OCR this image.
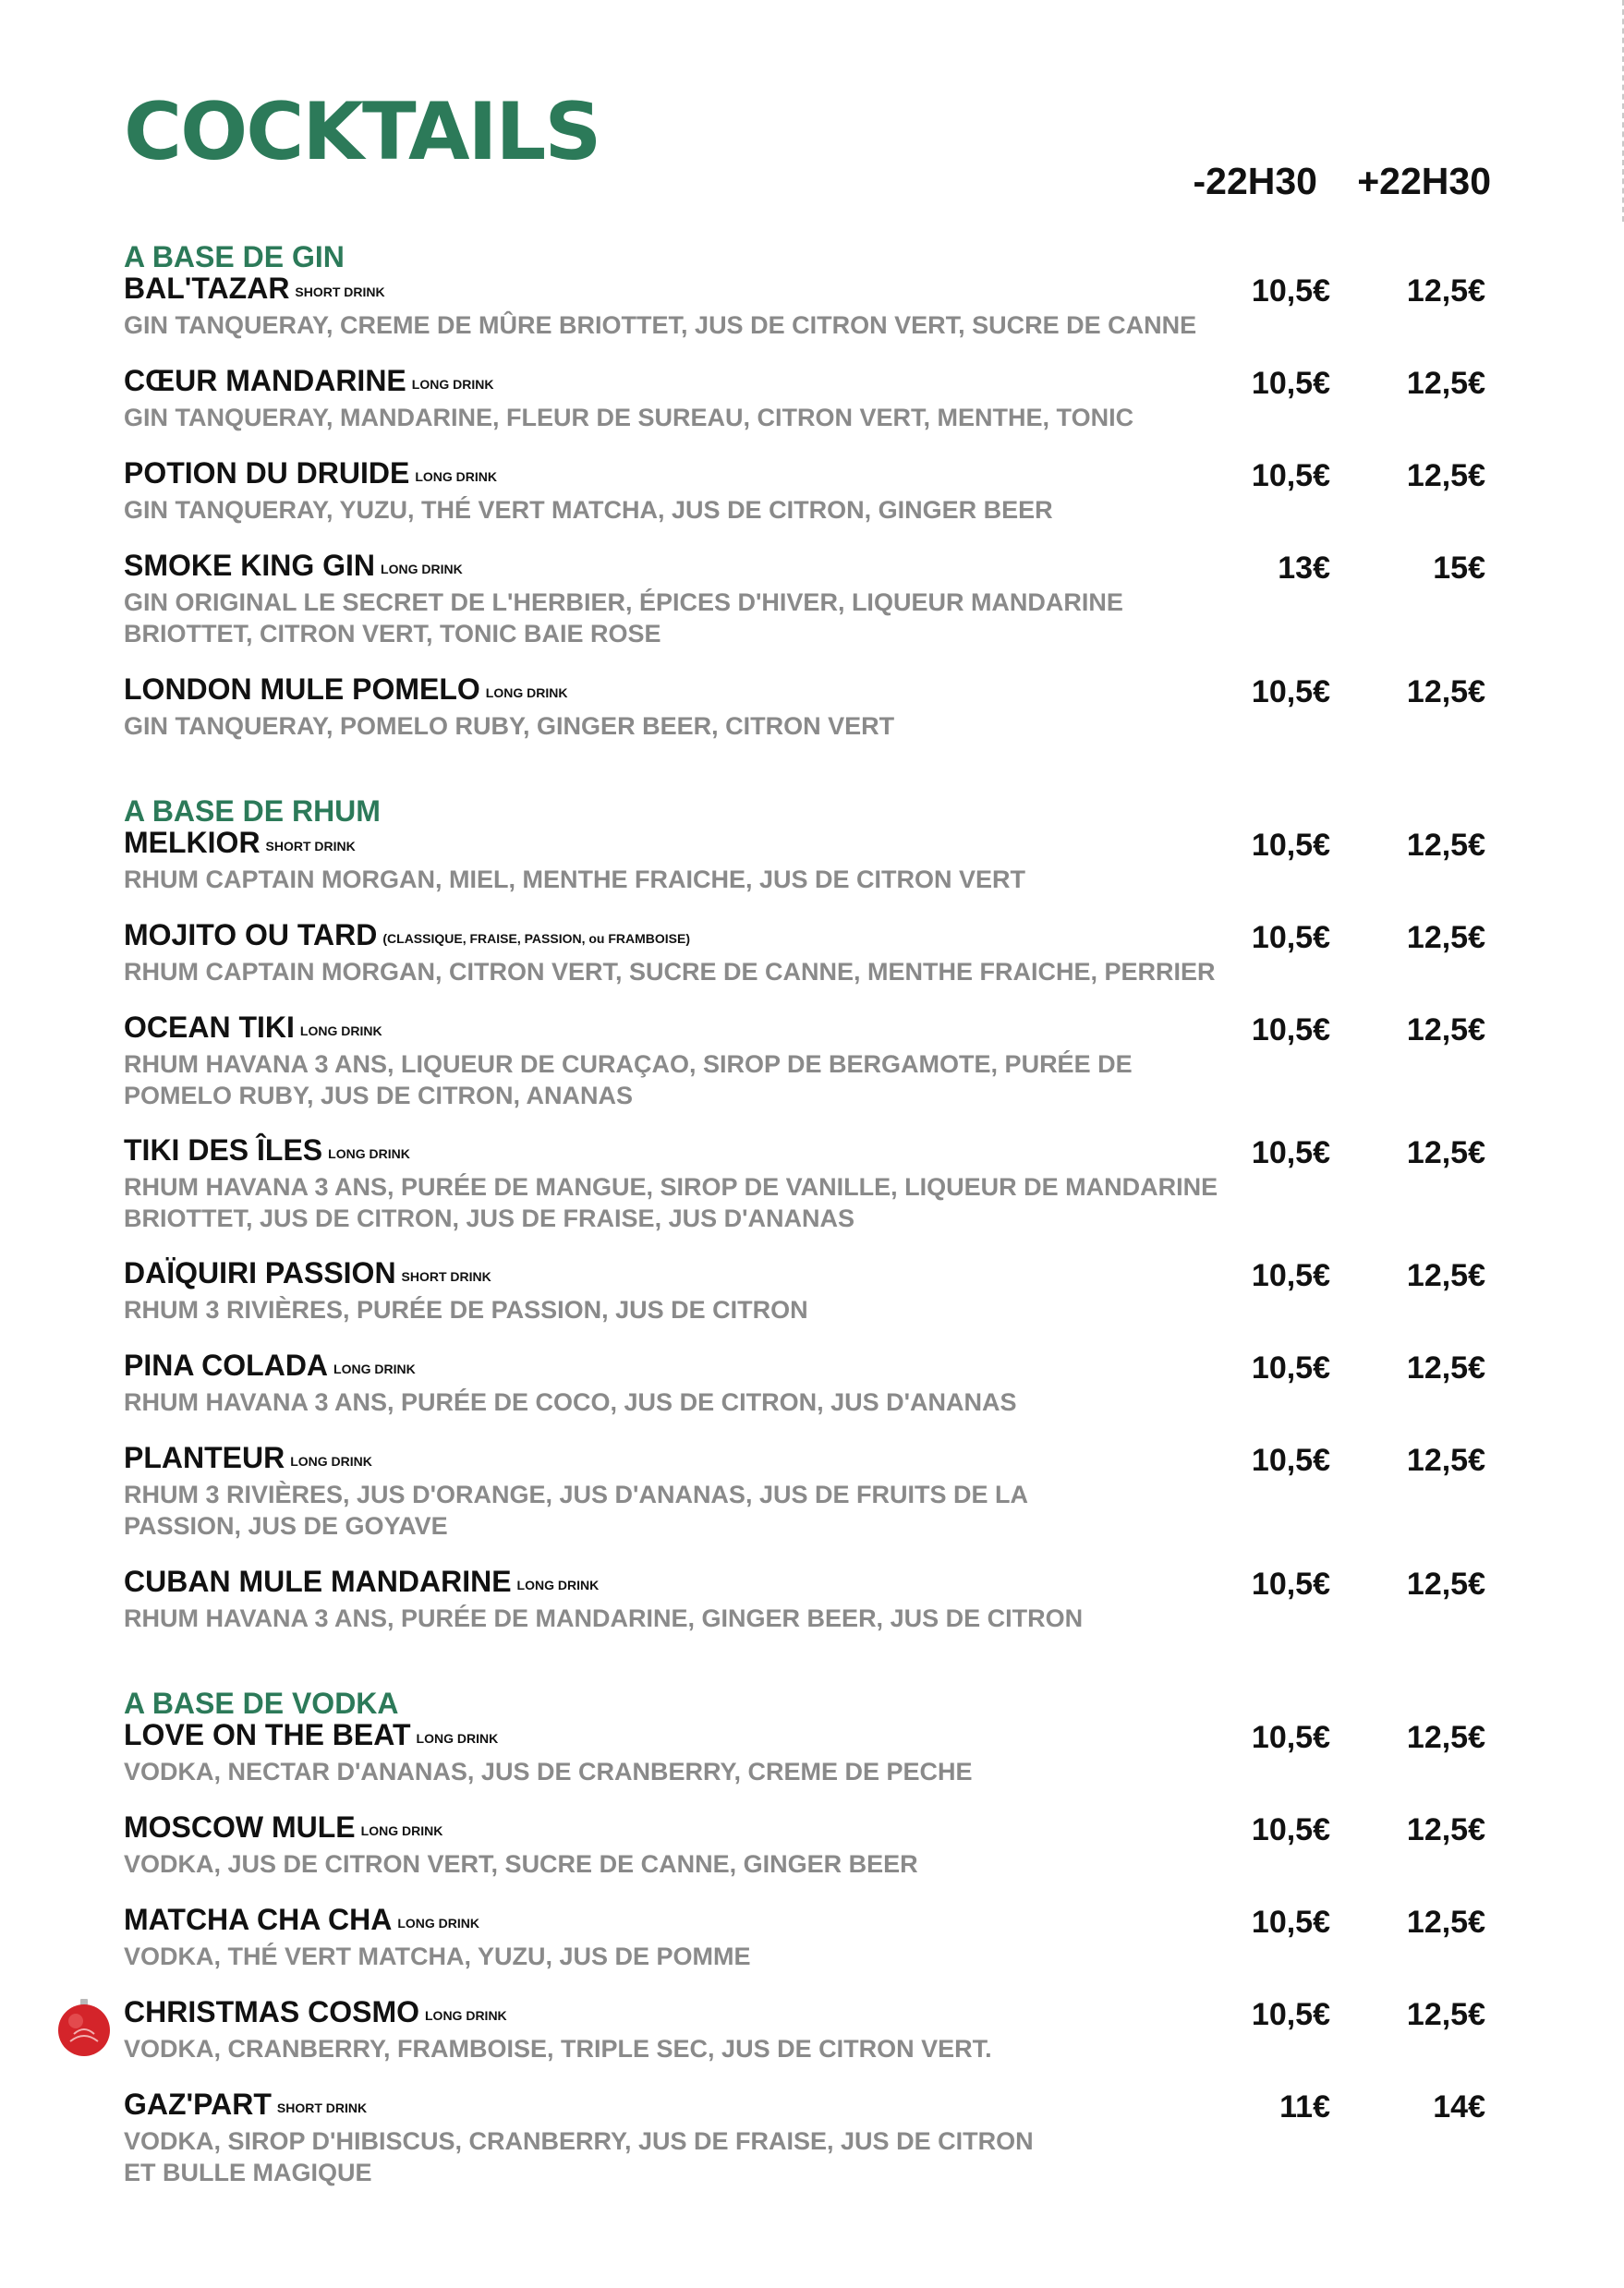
COCKTAILS
-22H30	+22H30
A BASE DE GIN
BAL'TAZAR SHORT DRINK
GIN TANQUERAY, CREME DE MÛRE BRIOTTET, JUS DE CITRON VERT, SUCRE DE CANNE
10,5€	12,5€
CŒUR MANDARINE LONG DRINK
GIN TANQUERAY, MANDARINE, FLEUR DE SUREAU, CITRON VERT, MENTHE, TONIC
10,5€	12,5€
POTION DU DRUIDE LONG DRINK
GIN TANQUERAY, YUZU, THÉ VERT MATCHA, JUS DE CITRON, GINGER BEER
10,5€	12,5€
SMOKE KING GIN LONG DRINK
GIN ORIGINAL LE SECRET DE L'HERBIER, ÉPICES D'HIVER, LIQUEUR MANDARINE BRIOTTET, CITRON VERT, TONIC BAIE ROSE
13€	15€
LONDON MULE POMELO LONG DRINK
GIN TANQUERAY, POMELO RUBY, GINGER BEER, CITRON VERT
10,5€	12,5€
A BASE DE RHUM
MELKIOR SHORT DRINK
RHUM CAPTAIN MORGAN, MIEL, MENTHE FRAICHE, JUS DE CITRON VERT
10,5€	12,5€
MOJITO OU TARD (CLASSIQUE, FRAISE, PASSION, ou FRAMBOISE)
RHUM CAPTAIN MORGAN, CITRON VERT, SUCRE DE CANNE, MENTHE FRAICHE, PERRIER
10,5€	12,5€
OCEAN TIKI LONG DRINK
RHUM HAVANA 3 ANS, LIQUEUR DE CURAÇAO, SIROP DE BERGAMOTE, PURÉE DE POMELO RUBY, JUS DE CITRON, ANANAS
10,5€	12,5€
TIKI DES ÎLES LONG DRINK
RHUM HAVANA 3 ANS, PURÉE DE MANGUE, SIROP DE VANILLE, LIQUEUR DE MANDARINE BRIOTTET, JUS DE CITRON, JUS DE FRAISE, JUS D'ANANAS
10,5€	12,5€
DAÏQUIRI PASSION SHORT DRINK
RHUM 3 RIVIÈRES, PURÉE DE PASSION, JUS DE CITRON
10,5€	12,5€
PINA COLADA LONG DRINK
RHUM HAVANA 3 ANS, PURÉE DE COCO, JUS DE CITRON, JUS D'ANANAS
10,5€	12,5€
PLANTEUR LONG DRINK
RHUM 3 RIVIÈRES, JUS D'ORANGE, JUS D'ANANAS, JUS DE FRUITS DE LA PASSION, JUS DE GOYAVE
10,5€	12,5€
CUBAN MULE MANDARINE LONG DRINK
RHUM HAVANA 3 ANS, PURÉE DE MANDARINE, GINGER BEER, JUS DE CITRON
10,5€	12,5€
A BASE DE VODKA
LOVE ON THE BEAT LONG DRINK
VODKA, NECTAR D'ANANAS, JUS DE CRANBERRY, CREME DE PECHE
10,5€	12,5€
MOSCOW MULE LONG DRINK
VODKA, JUS DE CITRON VERT, SUCRE DE CANNE, GINGER BEER
10,5€	12,5€
MATCHA CHA CHA LONG DRINK
VODKA, THÉ VERT MATCHA, YUZU, JUS DE POMME
10,5€	12,5€
CHRISTMAS COSMO LONG DRINK
VODKA, CRANBERRY, FRAMBOISE, TRIPLE SEC, JUS DE CITRON VERT.
10,5€	12,5€
GAZ'PART SHORT DRINK
VODKA, SIROP D'HIBISCUS, CRANBERRY, JUS DE FRAISE, JUS DE CITRON ET BULLE MAGIQUE
11€	14€
